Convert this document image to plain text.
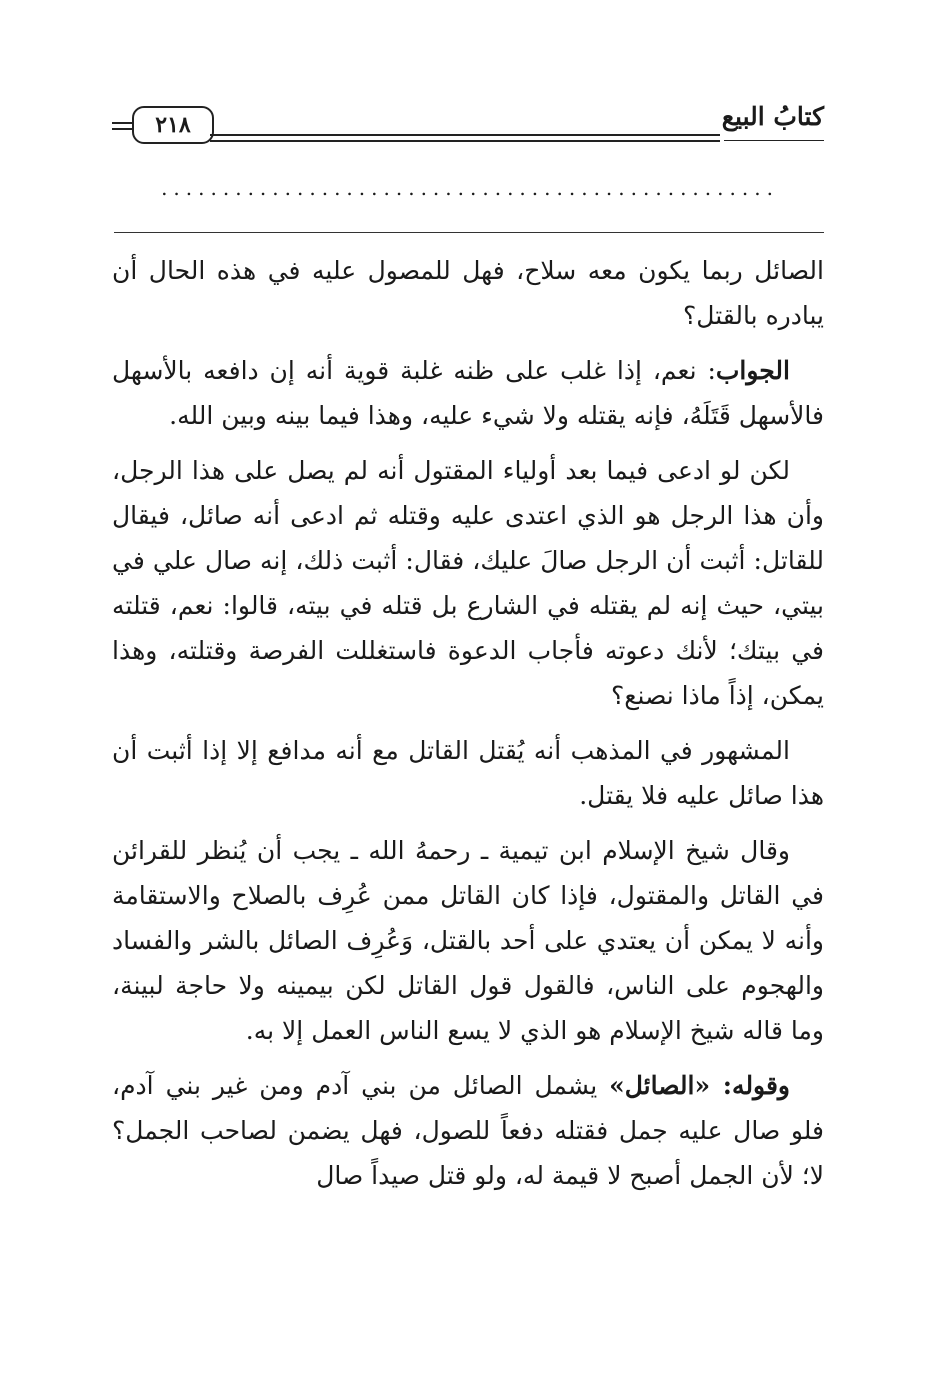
٢١٨	كتابُ البيع
..................................................

الصائل ربما يكون معه سلاح، فهل للمصول عليه في هذه الحال أن يبادره بالقتل؟

الجواب: نعم، إذا غلب على ظنه غلبة قوية أنه إن دافعه بالأسهل فالأسهل قَتَلَهُ، فإنه يقتله ولا شيء عليه، وهذا فيما بينه وبين الله.

لكن لو ادعى فيما بعد أولياء المقتول أنه لم يصل على هذا الرجل، وأن هذا الرجل هو الذي اعتدى عليه وقتله ثم ادعى أنه صائل، فيقال للقاتل: أثبت أن الرجل صالَ عليك، فقال: أثبت ذلك، إنه صال علي في بيتي، حيث إنه لم يقتله في الشارع بل قتله في بيته، قالوا: نعم، قتلته في بيتك؛ لأنك دعوته فأجاب الدعوة فاستغللت الفرصة وقتلته، وهذا يمكن، إذاً ماذا نصنع؟

المشهور في المذهب أنه يُقتل القاتل مع أنه مدافع إلا إذا أثبت أن هذا صائل عليه فلا يقتل.

وقال شيخ الإسلام ابن تيمية ـ رحمهُ الله ـ يجب أن يُنظر للقرائن في القاتل والمقتول، فإذا كان القاتل ممن عُرِف بالصلاح والاستقامة وأنه لا يمكن أن يعتدي على أحد بالقتل، وَعُرِف الصائل بالشر والفساد والهجوم على الناس، فالقول قول القاتل لكن بيمينه ولا حاجة لبينة، وما قاله شيخ الإسلام هو الذي لا يسع الناس العمل إلا به.

وقوله: «الصائل» يشمل الصائل من بني آدم ومن غير بني آدم، فلو صال عليه جمل فقتله دفعاً للصول، فهل يضمن لصاحب الجمل؟ لا؛ لأن الجمل أصبح لا قيمة له، ولو قتل صيداً صال
